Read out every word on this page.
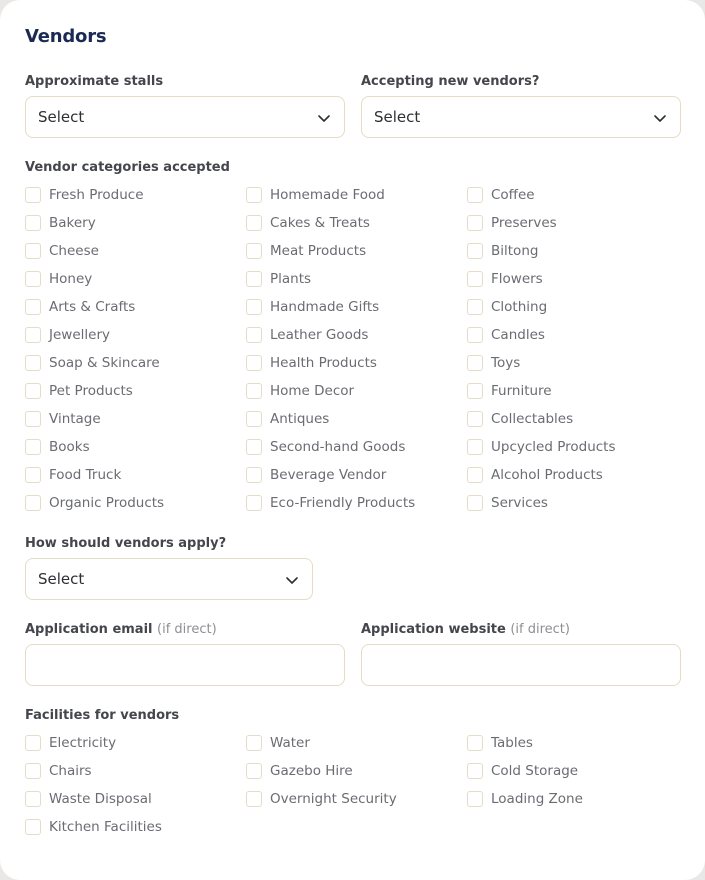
Vendors
Approximate stalls
Select
Accepting new vendors?
Select
Vendor categories accepted
Fresh Produce	Homemade Food	Coffee
Bakery	Cakes & Treats	Preserves
Cheese	Meat Products	Biltong
Honey	Plants	Flowers
Arts & Crafts	Handmade Gifts	Clothing
Jewellery	Leather Goods	Candles
Soap & Skincare	Health Products	Toys
Pet Products	Home Decor	Furniture
Vintage	Antiques	Collectables
Books	Second-hand Goods	Upcycled Products
Food Truck	Beverage Vendor	Alcohol Products
Organic Products	Eco-Friendly Products	Services
How should vendors apply?
Select
Application email (if direct)	Application website (if direct)
Facilities for vendors
Electricity	Water	Tables
Chairs	Gazebo Hire	Cold Storage
Waste Disposal	Overnight Security	Loading Zone
Kitchen Facilities
